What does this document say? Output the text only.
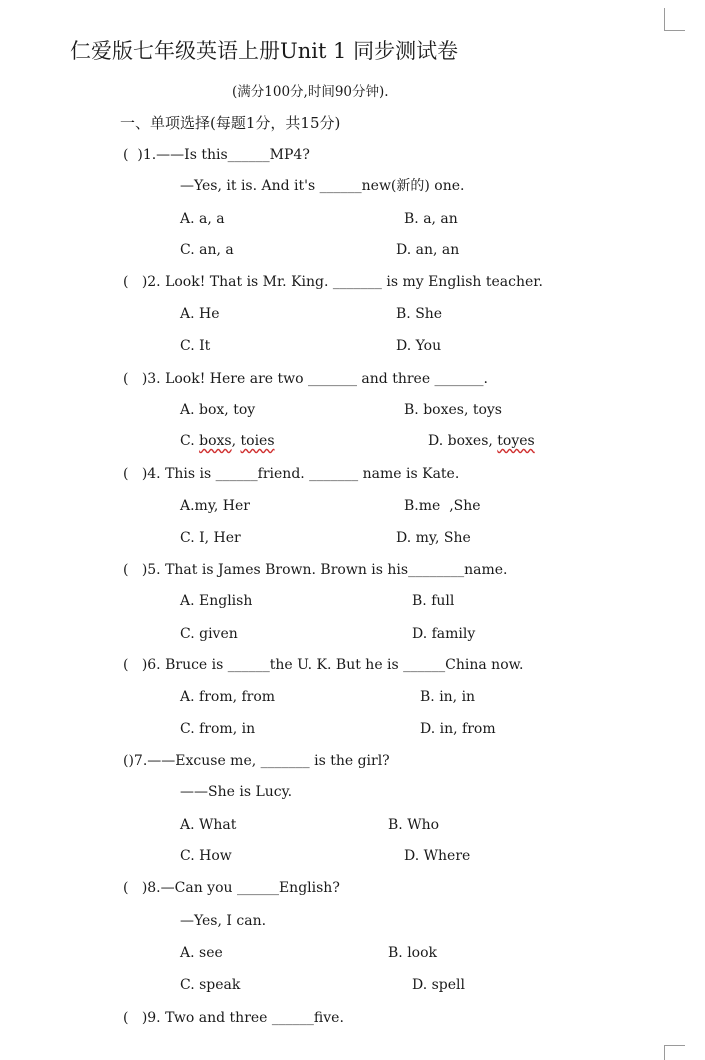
仁爱版七年级英语上册Unit 1 同步测试卷
(满分100分,时间90分钟).
一、单项选择(每题1分，共15分)
(  )1.——Is this______MP4?
—Yes, it is. And it's ______new(新的) one.
A. a, a	B. a, an
C. an, a	D. an, an
(   )2. Look! That is Mr. King. _______ is my English teacher.
A. He	B. She
C. It	D. You
(   )3. Look! Here are two _______ and three _______.
A. box, toy	B. boxes, toys
C. boxs, toies	D. boxes, toyes
(   )4. This is ______friend. _______ name is Kate.
A.my, Her	B.me  ,She
C. I, Her	D. my, She
(   )5. That is James Brown. Brown is his________name.
A. English	B. full
C. given	D. family
(   )6. Bruce is ______the U. K. But he is ______China now.
A. from, from	B. in, in
C. from, in	D. in, from
()7.——Excuse me, _______ is the girl?
——She is Lucy.
A. What	B. Who
C. How	D. Where
(   )8.—Can you ______English?
—Yes, I can.
A. see	B. look
C. speak	D. spell
(   )9. Two and three ______five.
